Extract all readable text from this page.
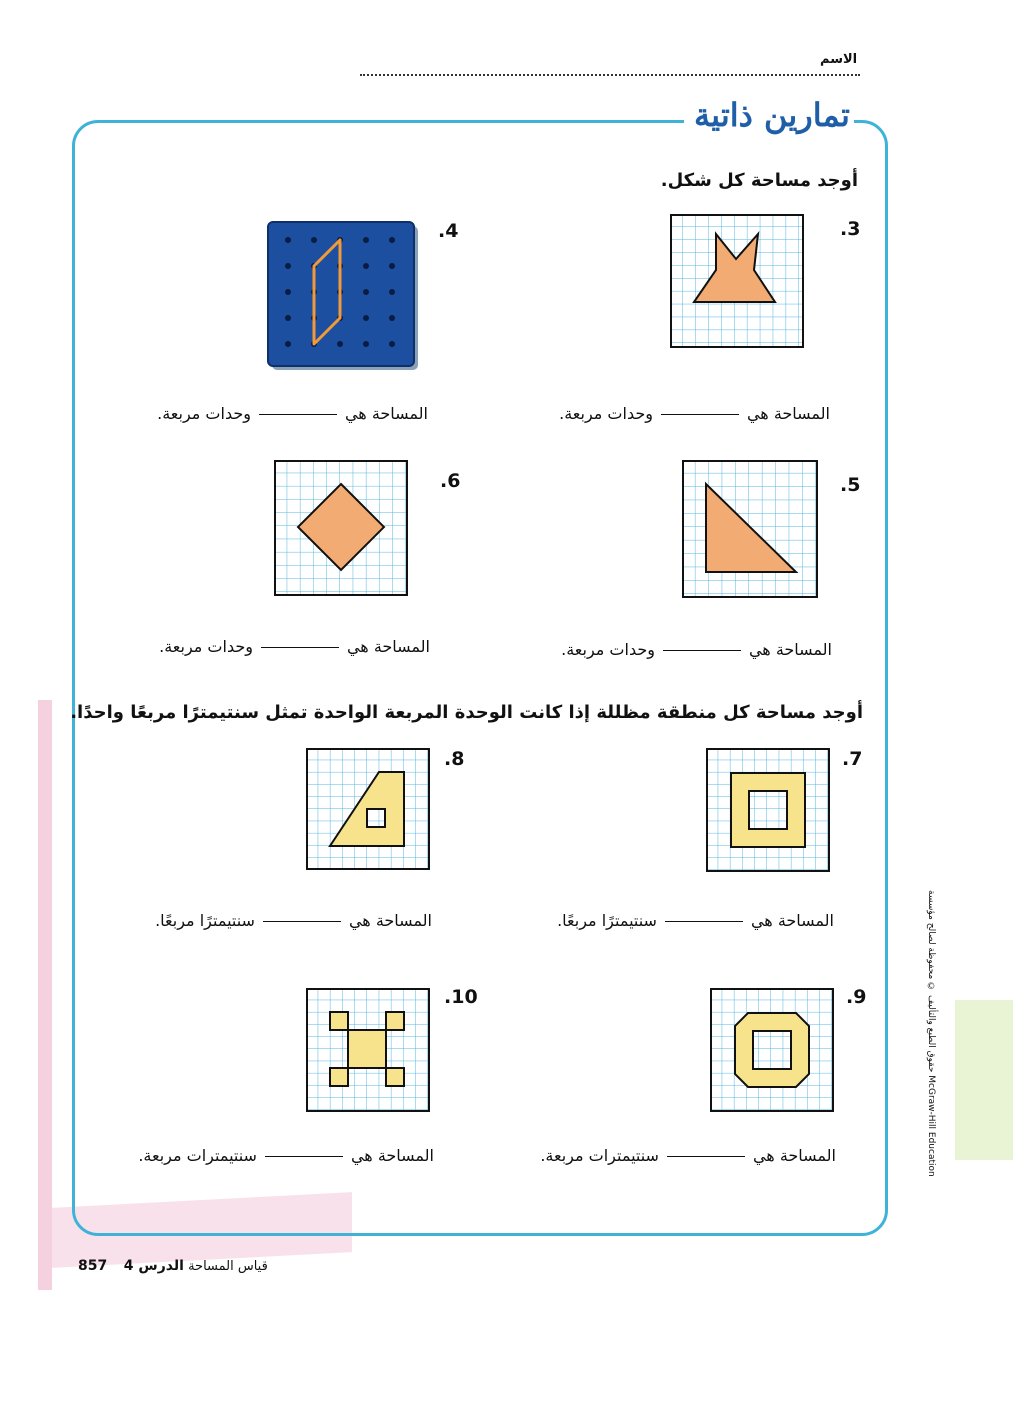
الاسم
تمارين ذاتية
أوجد مساحة كل شكل.
أوجد مساحة كل منطقة مظللة إذا كانت الوحدة المربعة الواحدة تمثل سنتيمترًا مربعًا واحدًا.
.3
.4
.5
.6
.7
.8
.9
.10
المساحة هيوحدات مربعة.
المساحة هيوحدات مربعة.
المساحة هيوحدات مربعة.
المساحة هيوحدات مربعة.
المساحة هيسنتيمترًا مربعًا.
المساحة هيسنتيمترًا مربعًا.
المساحة هيسنتيمترات مربعة.
المساحة هيسنتيمترات مربعة.
857	قياس المساحة الدرس 4
حقوق الطبع والتأليف © محفوظة لصالح مؤسسة McGraw-Hill Education
